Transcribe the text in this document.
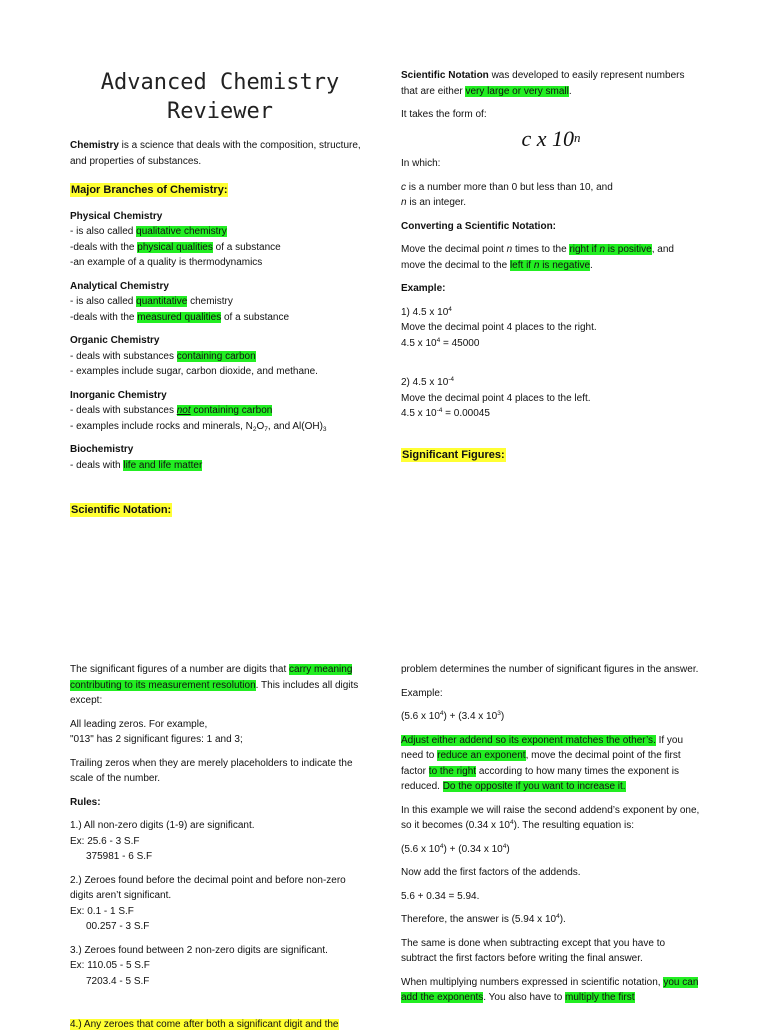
Advanced Chemistry
Reviewer
Chemistry is a science that deals with the composition, structure, and properties of substances.
Major Branches of Chemistry:
Physical Chemistry
- is also called qualitative chemistry
-deals with the physical qualities of a substance
-an example of a quality is thermodynamics
Analytical Chemistry
- is also called quantitative chemistry
-deals with the measured qualities of a substance
Organic Chemistry
- deals with substances containing carbon
- examples include sugar, carbon dioxide, and methane.
Inorganic Chemistry
- deals with substances not containing carbon
- examples include rocks and minerals, $N_2O_7$, and $Al(OH)_3$
Biochemistry
- deals with life and life matter
Scientific Notation:
Scientific Notation was developed to easily represent numbers that are either very large or very small.
It takes the form of:
c x 10$^n$
In which:
c is a number more than 0 but less than 10, and
n is an integer.
Converting a Scientific Notation:
Move the decimal point n times to the right if n is positive, and move the decimal to the left if n is negative.
Example:
1) 4.5 x $10^4$
Move the decimal point 4 places to the right.
4.5 x $10^4 = 45000$
2) 4.5 x $10^{-4}$
Move the decimal point 4 places to the left.
4.5 x $10^{-4} = 0.00045$
Significant Figures:
The significant figures of a number are digits that carry meaning contributing to its measurement resolution. This includes all digits except:
All leading zeros. For example,
"013" has 2 significant figures: 1 and 3;
Trailing zeros when they are merely placeholders to indicate the scale of the number.
Rules:
1.) All non-zero digits (1-9) are significant.
Ex: 25.6 - 3 S.F
375981 - 6 S.F
2.) Zeroes found before the decimal point and before non-zero digits aren’t significant.
Ex: 0.1 - 1 S.F
00.257 - 3 S.F
3.) Zeroes found between 2 non-zero digits are significant.
Ex: 110.05 - 5 S.F
7203.4 - 5 S.F
4.) Any zeroes that come after both a significant digit and the
problem determines the number of significant figures in the answer.
Example:
(5.6 x $10^4) + (3.4$ x $10^3$)
Adjust either addend so its exponent matches the other’s. If you need to reduce an exponent, move the decimal point of the first factor to the right according to how many times the exponent is reduced. Do the opposite if you want to increase it.
In this example we will raise the second addend’s exponent by one, so it becomes (0.34 x $10^4$). The resulting equation is:
(5.6 x $10^4) + (0.34$ x $10^4$)
Now add the first factors of the addends.
5.6 + 0.34 = 5.94.
Therefore, the answer is (5.94 x $10^4$).
The same is done when subtracting except that you have to subtract the first factors before writing the final answer.
When multiplying numbers expressed in scientific notation, you can add the exponents. You also have to multiply the first
